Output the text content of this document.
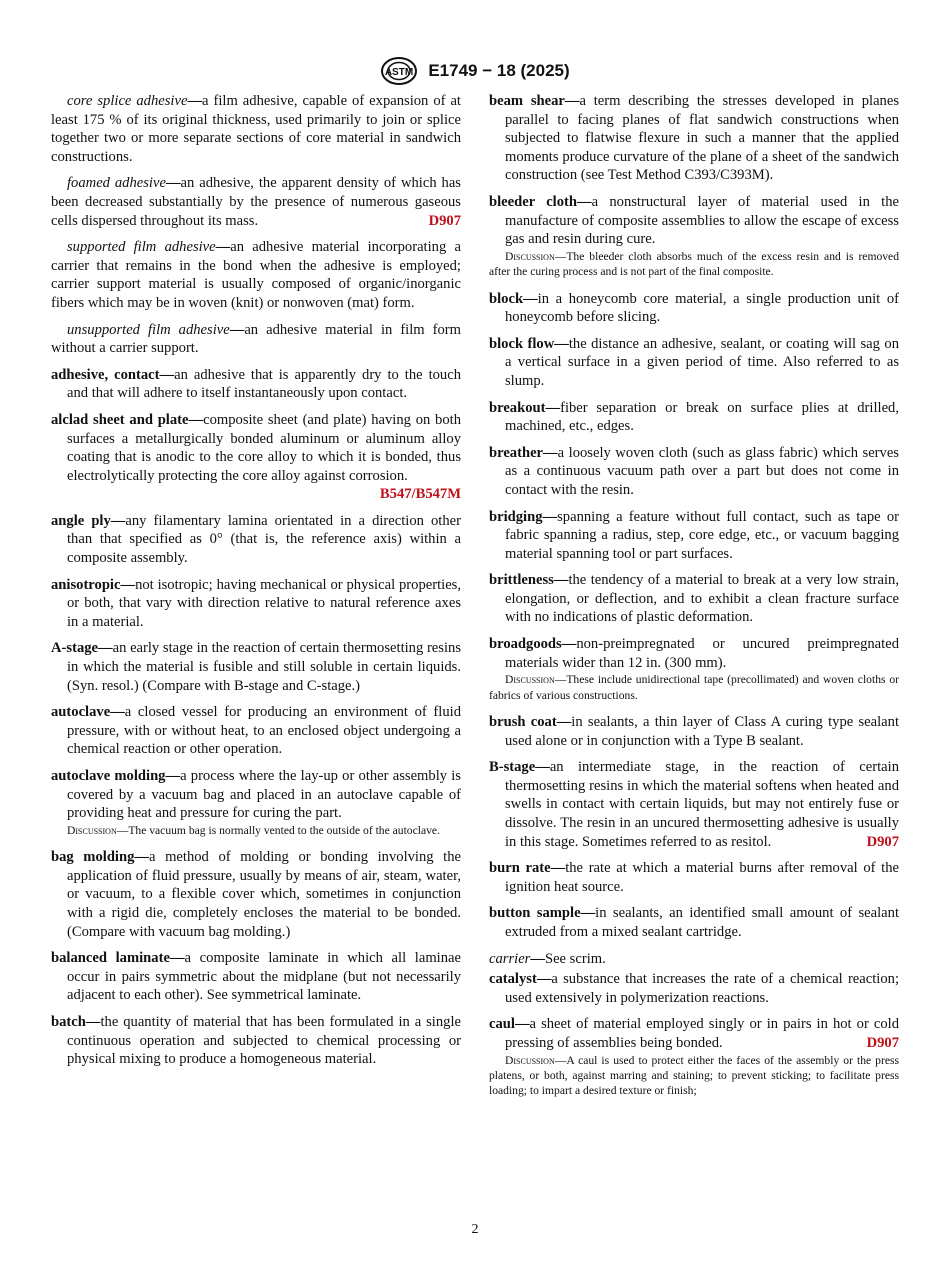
ASTM E1749 − 18 (2025)
core splice adhesive—a film adhesive, capable of expansion of at least 175 % of its original thickness, used primarily to join or splice together two or more separate sections of core material in sandwich constructions.
foamed adhesive—an adhesive, the apparent density of which has been decreased substantially by the presence of numerous gaseous cells dispersed throughout its mass.	D907
supported film adhesive—an adhesive material incorporating a carrier that remains in the bond when the adhesive is employed; carrier support material is usually composed of organic/inorganic fibers which may be in woven (knit) or nonwoven (mat) form.
unsupported film adhesive—an adhesive material in film form without a carrier support.
adhesive, contact—an adhesive that is apparently dry to the touch and that will adhere to itself instantaneously upon contact.
alclad sheet and plate—composite sheet (and plate) having on both surfaces a metallurgically bonded aluminum or aluminum alloy coating that is anodic to the core alloy to which it is bonded, thus electrolytically protecting the core alloy against corrosion.
B547/B547M
angle ply—any filamentary lamina orientated in a direction other than that specified as 0° (that is, the reference axis) within a composite assembly.
anisotropic—not isotropic; having mechanical or physical properties, or both, that vary with direction relative to natural reference axes in a material.
A-stage—an early stage in the reaction of certain thermosetting resins in which the material is fusible and still soluble in certain liquids. (Syn. resol.) (Compare with B-stage and C-stage.)
autoclave—a closed vessel for producing an environment of fluid pressure, with or without heat, to an enclosed object undergoing a chemical reaction or other operation.
autoclave molding—a process where the lay-up or other assembly is covered by a vacuum bag and placed in an autoclave capable of providing heat and pressure for curing the part.
Discussion—The vacuum bag is normally vented to the outside of the autoclave.
bag molding—a method of molding or bonding involving the application of fluid pressure, usually by means of air, steam, water, or vacuum, to a flexible cover which, sometimes in conjunction with a rigid die, completely encloses the material to be bonded. (Compare with vacuum bag molding.)
balanced laminate—a composite laminate in which all laminae occur in pairs symmetric about the midplane (but not necessarily adjacent to each other). See symmetrical laminate.
batch—the quantity of material that has been formulated in a single continuous operation and subjected to chemical processing or physical mixing to produce a homogeneous material.
beam shear—a term describing the stresses developed in planes parallel to facing planes of flat sandwich constructions when subjected to flatwise flexure in such a manner that the applied moments produce curvature of the plane of a sheet of the sandwich construction (see Test Method C393/C393M).
bleeder cloth—a nonstructural layer of material used in the manufacture of composite assemblies to allow the escape of excess gas and resin during cure.
Discussion—The bleeder cloth absorbs much of the excess resin and is removed after the curing process and is not part of the final composite.
block—in a honeycomb core material, a single production unit of honeycomb before slicing.
block flow—the distance an adhesive, sealant, or coating will sag on a vertical surface in a given period of time. Also referred to as slump.
breakout—fiber separation or break on surface plies at drilled, machined, etc., edges.
breather—a loosely woven cloth (such as glass fabric) which serves as a continuous vacuum path over a part but does not come in contact with the resin.
bridging—spanning a feature without full contact, such as tape or fabric spanning a radius, step, core edge, etc., or vacuum bagging material spanning tool or part surfaces.
brittleness—the tendency of a material to break at a very low strain, elongation, or deflection, and to exhibit a clean fracture surface with no indications of plastic deformation.
broadgoods—non-preimpregnated or uncured preimpregnated materials wider than 12 in. (300 mm).
Discussion—These include unidirectional tape (precollimated) and woven cloths or fabrics of various constructions.
brush coat—in sealants, a thin layer of Class A curing type sealant used alone or in conjunction with a Type B sealant.
B-stage—an intermediate stage, in the reaction of certain thermosetting resins in which the material softens when heated and swells in contact with certain liquids, but may not entirely fuse or dissolve. The resin in an uncured thermosetting adhesive is usually in this stage. Sometimes referred to as resitol.	D907
burn rate—the rate at which a material burns after removal of the ignition heat source.
button sample—in sealants, an identified small amount of sealant extruded from a mixed sealant cartridge.
carrier—See scrim.
catalyst—a substance that increases the rate of a chemical reaction; used extensively in polymerization reactions.
caul—a sheet of material employed singly or in pairs in hot or cold pressing of assemblies being bonded.	D907
Discussion—A caul is used to protect either the faces of the assembly or the press platens, or both, against marring and staining; to prevent sticking; to facilitate press loading; to impart a desired texture or finish;
2
